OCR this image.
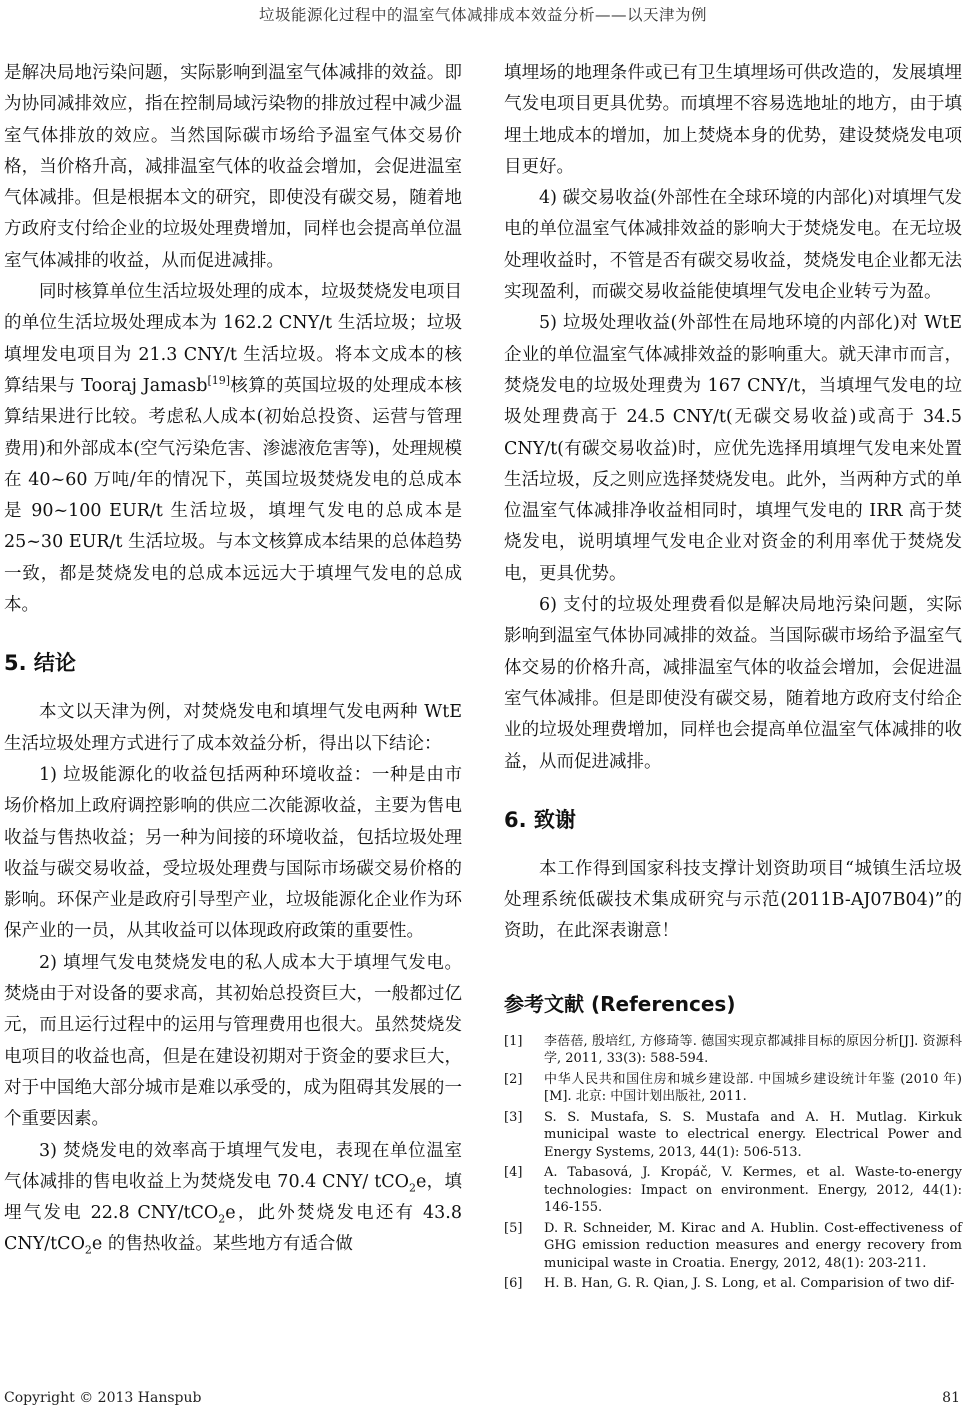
垃圾能源化过程中的温室气体减排成本效益分析——以天津为例

是解决局地污染问题，实际影响到温室气体减排的效益。即为协同减排效应，指在控制局域污染物的排放过程中减少温室气体排放的效应。当然国际碳市场给予温室气体交易价格，当价格升高，减排温室气体的收益会增加，会促进温室气体减排。但是根据本文的研究，即使没有碳交易，随着地方政府支付给企业的垃圾处理费增加，同样也会提高单位温室气体减排的收益，从而促进减排。

同时核算单位生活垃圾处理的成本，垃圾焚烧发电项目的单位生活垃圾处理成本为 162.2 CNY/t 生活垃圾；垃圾填埋发电项目为 21.3 CNY/t 生活垃圾。将本文成本的核算结果与 Tooraj Jamasb[19]核算的英国垃圾的处理成本核算结果进行比较。考虑私人成本(初始总投资、运营与管理费用)和外部成本(空气污染危害、渗滤液危害等)，处理规模在 40~60 万吨/年的情况下，英国垃圾焚烧发电的总成本是 90~100 EUR/t 生活垃圾，填埋气发电的总成本是 25~30 EUR/t 生活垃圾。与本文核算成本结果的总体趋势一致，都是焚烧发电的总成本远远大于填埋气发电的总成本。

5. 结论

本文以天津为例，对焚烧发电和填埋气发电两种 WtE 生活垃圾处理方式进行了成本效益分析，得出以下结论：

1) 垃圾能源化的收益包括两种环境收益：一种是由市场价格加上政府调控影响的供应二次能源收益，主要为售电收益与售热收益；另一种为间接的环境收益，包括垃圾处理收益与碳交易收益，受垃圾处理费与国际市场碳交易价格的影响。环保产业是政府引导型产业，垃圾能源化企业作为环保产业的一员，从其收益可以体现政府政策的重要性。

2) 填埋气发电焚烧发电的私人成本大于填埋气发电。焚烧由于对设备的要求高，其初始总投资巨大，一般都过亿元，而且运行过程中的运用与管理费用也很大。虽然焚烧发电项目的收益也高，但是在建设初期对于资金的要求巨大，对于中国绝大部分城市是难以承受的，成为阻碍其发展的一个重要因素。

3) 焚烧发电的效率高于填埋气发电，表现在单位温室气体减排的售电收益上为焚烧发电 70.4 CNY/ tCO$_2$e，填埋气发电 22.8 CNY/tCO$_2$e，此外焚烧发电还有 43.8 CNY/tCO$_2$e 的售热收益。某些地方有适合做

填埋场的地理条件或已有卫生填埋场可供改造的，发展填埋气发电项目更具优势。而填埋不容易选地址的地方，由于填埋土地成本的增加，加上焚烧本身的优势，建设焚烧发电项目更好。

4) 碳交易收益(外部性在全球环境的内部化)对填埋气发电的单位温室气体减排效益的影响大于焚烧发电。在无垃圾处理收益时，不管是否有碳交易收益，焚烧发电企业都无法实现盈利，而碳交易收益能使填埋气发电企业转亏为盈。

5) 垃圾处理收益(外部性在局地环境的内部化)对 WtE 企业的单位温室气体减排效益的影响重大。就天津市而言，焚烧发电的垃圾处理费为 167 CNY/t，当填埋气发电的垃圾处理费高于 24.5 CNY/t(无碳交易收益)或高于 34.5 CNY/t(有碳交易收益)时，应优先选择用填埋气发电来处置生活垃圾，反之则应选择焚烧发电。此外，当两种方式的单位温室气体减排净收益相同时，填埋气发电的 IRR 高于焚烧发电，说明填埋气发电企业对资金的利用率优于焚烧发电，更具优势。

6) 支付的垃圾处理费看似是解决局地污染问题，实际影响到温室气体协同减排的效益。当国际碳市场给予温室气体交易的价格升高，减排温室气体的收益会增加，会促进温室气体减排。但是即使没有碳交易，随着地方政府支付给企业的垃圾处理费增加，同样也会提高单位温室气体减排的收益，从而促进减排。

6. 致谢

本工作得到国家科技支撑计划资助项目“城镇生活垃圾处理系统低碳技术集成研究与示范(2011B-AJ07B04)”的资助，在此深表谢意！

参考文献 (References)
[1]	李蓓蓓, 殷培红, 方修琦等. 德国实现京都减排目标的原因分析[J]. 资源科学, 2011, 33(3): 588-594.
[2]	中华人民共和国住房和城乡建设部. 中国城乡建设统计年鉴 (2010 年)[M]. 北京: 中国计划出版社, 2011.
[3]	S. S. Mustafa, S. S. Mustafa and A. H. Mutlag. Kirkuk municipal waste to electrical energy. Electrical Power and Energy Systems, 2013, 44(1): 506-513.
[4]	A. Tabasová, J. Kropáč, V. Kermes, et al. Waste-to-energy technologies: Impact on environment. Energy, 2012, 44(1): 146-155.
[5]	D. R. Schneider, M. Kirac and A. Hublin. Cost-effectiveness of GHG emission reduction measures and energy recovery from municipal waste in Croatia. Energy, 2012, 48(1): 203-211.
[6]	H. B. Han, G. R. Qian, J. S. Long, et al. Comparision of two dif-
Copyright © 2013 Hanspub	81
